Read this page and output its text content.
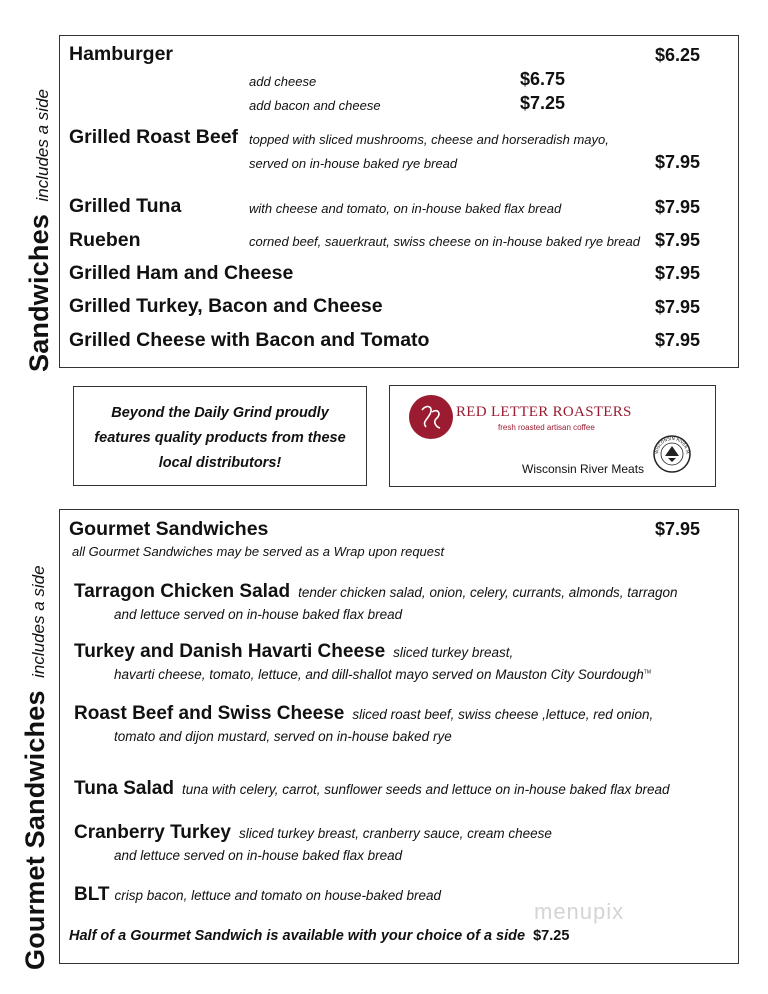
Sandwiches includes a side
Hamburger	$6.25
add cheese	$6.75
add bacon and cheese	$7.25
Grilled Roast Beef topped with sliced mushrooms, cheese and horseradish mayo,
served on in-house baked rye bread	$7.95
Grilled Tuna	with cheese and tomato, on in-house baked flax bread	$7.95
Rueben	corned beef, sauerkraut, swiss cheese on in-house baked rye bread $7.95
Grilled Ham and Cheese	$7.95
Grilled Turkey, Bacon and Cheese	$7.95
Grilled Cheese with Bacon and Tomato	$7.95
Beyond the Daily Grind proudly
features quality products from these
local distributors!
RED LETTER ROASTERS
fresh roasted artisan coffee
Wisconsin River Meats
WISCONSIN RIVER M
Gourmet Sandwiches includes a side
Gourmet Sandwiches	$7.95
all Gourmet Sandwiches may be served as a Wrap upon request
Tarragon Chicken Salad tender chicken salad, onion, celery, currants, almonds, tarragon
and lettuce served on in-house baked flax bread
Turkey and Danish Havarti Cheese sliced turkey breast,
havarti cheese, tomato, lettuce, and dill-shallot mayo served on Mauston City Sourdough™
Roast Beef and Swiss Cheese sliced roast beef, swiss cheese ,lettuce, red onion,
tomato and dijon mustard, served on in-house baked rye
Tuna Salad tuna with celery, carrot, sunflower seeds and lettuce on in-house baked flax bread
Cranberry Turkey sliced turkey breast, cranberry sauce, cream cheese
and lettuce served on in-house baked flax bread
BLT crisp bacon, lettuce and tomato on house-baked bread
menupix
Half of a Gourmet Sandwich is available with your choice of a side $7.25
